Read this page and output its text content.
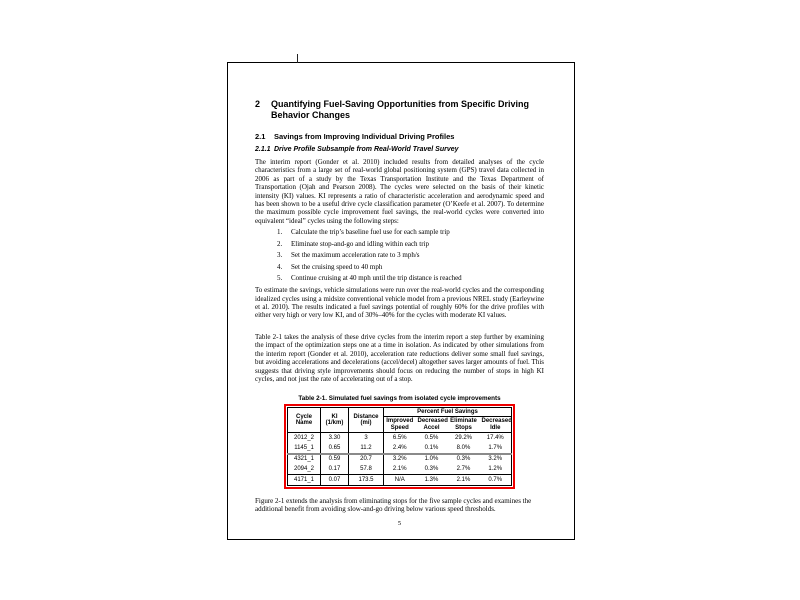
2	Quantifying Fuel-Saving Opportunities from Specific Driving Behavior Changes
2.1	Savings from Improving Individual Driving Profiles
2.1.1 Drive Profile Subsample from Real-World Travel Survey

The interim report (Gonder et al. 2010) included results from detailed analyses of the cycle characteristics from a large set of real-world global positioning system (GPS) travel data collected in 2006 as part of a study by the Texas Transportation Institute and the Texas Department of Transportation (Ojah and Pearson 2008). The cycles were selected on the basis of their kinetic intensity (KI) values. KI represents a ratio of characteristic acceleration and aerodynamic speed and has been shown to be a useful drive cycle classification parameter (O’Keefe et al. 2007). To determine the maximum possible cycle improvement fuel savings, the real-world cycles were converted into equivalent “ideal” cycles using the following steps:

1.	Calculate the trip’s baseline fuel use for each sample trip
2.	Eliminate stop-and-go and idling within each trip
3.	Set the maximum acceleration rate to 3 mph/s
4.	Set the cruising speed to 40 mph
5.	Continue cruising at 40 mph until the trip distance is reached

To estimate the savings, vehicle simulations were run over the real-world cycles and the corresponding idealized cycles using a midsize conventional vehicle model from a previous NREL study (Earleywine et al. 2010). The results indicated a fuel savings potential of roughly 60% for the drive profiles with either very high or very low KI, and of 30%–40% for the cycles with moderate KI values.

Table 2-1 takes the analysis of these drive cycles from the interim report a step further by examining the impact of the optimization steps one at a time in isolation. As indicated by other simulations from the interim report (Gonder et al. 2010), acceleration rate reductions deliver some small fuel savings, but avoiding accelerations and decelerations (accel/decel) altogether saves larger amounts of fuel. This suggests that driving style improvements should focus on reducing the number of stops in high KI cycles, and not just the rate of accelerating out of a stop.

Table 2-1. Simulated fuel savings from isolated cycle improvements
Cycle Name	KI (1/km)	Distance (mi)	Percent Fuel Savings			
			Improved Speed	Decreased Accel	Eliminate Stops	Decreased Idle
2012_2	3.30	3	6.5%	0.5%	29.2%	17.4%
1145_1	0.65	11.2	2.4%	0.1%	8.0%	1.7%
4321_1	0.59	20.7	3.2%	1.0%	0.3%	3.2%
2094_2	0.17	57.8	2.1%	0.3%	2.7%	1.2%
4171_1	0.07	173.5	N/A	1.3%	2.1%	0.7%

Figure 2-1 extends the analysis from eliminating stops for the five sample cycles and examines the additional benefit from avoiding slow-and-go driving below various speed thresholds.

5
